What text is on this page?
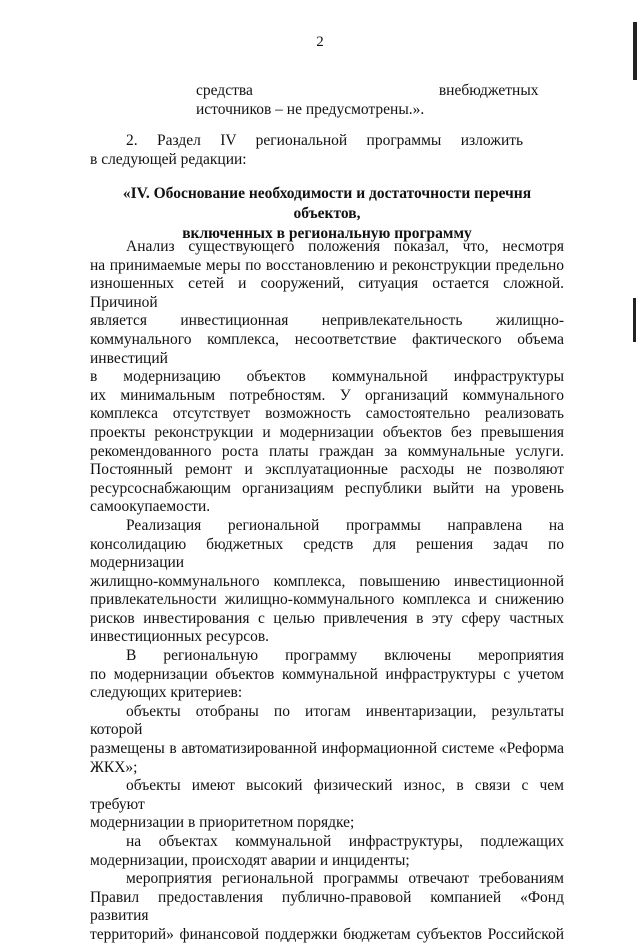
2
средства                                                внебюджетных
источников – не предусмотрены.».
2.     Раздел     IV     региональной     программы     изложить
в следующей редакции:
«IV. Обоснование необходимости и достаточности перечня объектов,
включенных в региональную программу
Анализ существующего положения показал, что, несмотря
на принимаемые меры по восстановлению и реконструкции предельно
изношенных сетей и сооружений, ситуация остается сложной. Причиной
является инвестиционная непривлекательность жилищно-
коммунального комплекса, несоответствие фактического объема
инвестиций
в модернизацию объектов коммунальной инфраструктуры
их минимальным потребностям. У организаций коммунального
комплекса отсутствует возможность самостоятельно реализовать
проекты реконструкции и модернизации объектов без превышения
рекомендованного роста платы граждан за коммунальные услуги.
Постоянный ремонт и эксплуатационные расходы не позволяют
ресурсоснабжающим организациям республики выйти на уровень
самоокупаемости.
Реализация региональной программы направлена на
консолидацию бюджетных средств для решения задач по модернизации
жилищно-коммунального комплекса, повышению инвестиционной
привлекательности жилищно-коммунального комплекса и снижению
рисков инвестирования с целью привлечения в эту сферу частных
инвестиционных ресурсов.
В региональную программу включены мероприятия
по модернизации объектов коммунальной инфраструктуры с учетом
следующих критериев:
объекты отобраны по итогам инвентаризации, результаты которой
размещены в автоматизированной информационной системе «Реформа
ЖКХ»;
объекты имеют высокий физический износ, в связи с чем требуют
модернизации в приоритетном порядке;
на объектах коммунальной инфраструктуры, подлежащих
модернизации, происходят аварии и инциденты;
мероприятия региональной программы отвечают требованиям
Правил предоставления публично-правовой компанией «Фонд развития
территорий» финансовой поддержки бюджетам субъектов Российской
